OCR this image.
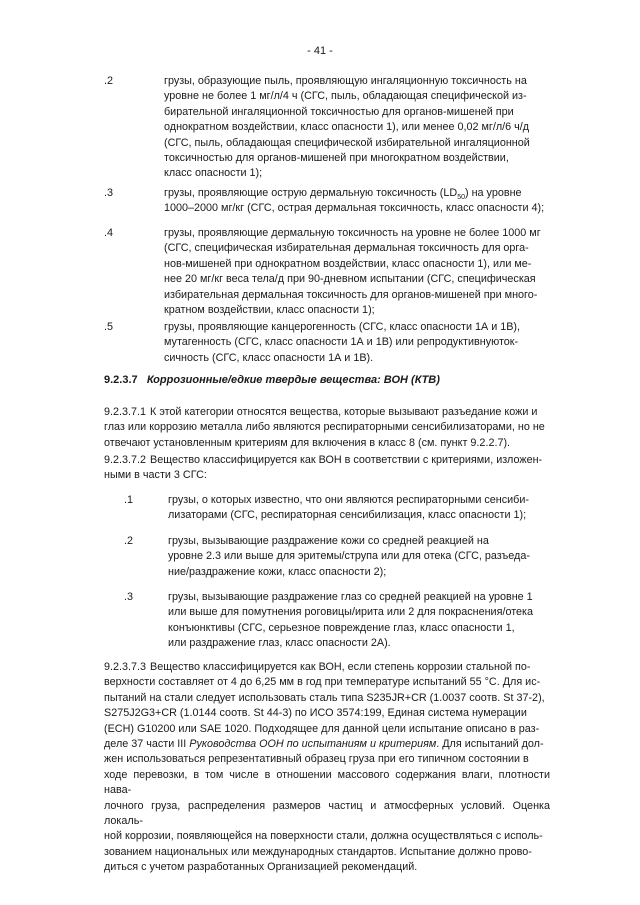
- 41 -
.2	грузы, образующие пыль, проявляющую ингаляционную токсичность на
уровне не более 1 мг/л/4 ч (СГС, пыль, обладающая специфической из-
бирательной ингаляционной токсичностью для органов-мишеней при
однократном воздействии, класс опасности 1), или менее 0,02 мг/л/6 ч/д
(СГС, пыль, обладающая специфической избирательной ингаляционной
токсичностью для органов-мишеней при многократном воздействии,
класс опасности 1);
.3	грузы, проявляющие острую дермальную токсичность $(LD_{50})$ на уровне
1000–2000 мг/кг (СГС, острая дермальная токсичность, класс опасности 4);
.4	грузы, проявляющие дермальную токсичность на уровне не более 1000 мг
(СГС, специфическая избирательная дермальная токсичность для орга-
нов-мишеней при однократном воздействии, класс опасности 1), или ме-
нее 20 мг/кг веса тела/д при 90-дневном испытании (СГС, специфическая
избирательная дермальная токсичность для органов-мишеней при много-
кратном воздействии, класс опасности 1);
.5	грузы, проявляющие канцерогенность (СГС, класс опасности 1А и 1В),
мутагенность (СГС, класс опасности 1А и 1В) или репродуктивнуюток-
сичность (СГС, класс опасности 1А и 1В).
9.2.3.7 Коррозионные/едкие твердые вещества: ВОН (КТВ)
9.2.3.7.1 К этой категории относятся вещества, которые вызывают разъедание кожи и
глаз или коррозию металла либо являются респираторными сенсибилизаторами, но не
отвечают установленным критериям для включения в класс 8 (см. пункт 9.2.2.7).
9.2.3.7.2 Вещество классифицируется как ВОН в соответствии с критериями, изложен-
ными в части 3 СГС:
.1	грузы, о которых известно, что они являются респираторными сенсиби-
лизаторами (СГС, респираторная сенсибилизация, класс опасности 1);
.2	грузы, вызывающие раздражение кожи со средней реакцией на
уровне 2.3 или выше для эритемы/струпа или для отека (СГС, разъеда-
ние/раздражение кожи, класс опасности 2);
.3	грузы, вызывающие раздражение глаз со средней реакцией на уровне 1
или выше для помутнения роговицы/ирита или 2 для покраснения/отека
конъюнктивы (СГС, серьезное повреждение глаз, класс опасности 1,
или раздражение глаз, класс опасности 2А).
9.2.3.7.3 Вещество классифицируется как ВОН, если степень коррозии стальной по-
верхности составляет от 4 до 6,25 мм в год при температуре испытаний 55 °С. Для ис-
пытаний на стали следует использовать сталь типа S235JR+CR (1.0037 соотв. St 37-2),
S275J2G3+CR (1.0144 соотв. St 44-3) по ИСО 3574:199, Единая система нумерации
(ECH) G10200 или SAE 1020. Подходящее для данной цели испытание описано в раз-
деле 37 части III Руководства ООН по испытаниям и критериям. Для испытаний дол-
жен использоваться репрезентативный образец груза при его типичном состоянии в
ходе перевозки, в том числе в отношении массового содержания влаги, плотности нава-
лочного груза, распределения размеров частиц и атмосферных условий. Оценка локаль-
ной коррозии, появляющейся на поверхности стали, должна осуществляться с исполь-
зованием национальных или международных стандартов. Испытание должно прово-
диться с учетом разработанных Организацией рекомендаций.
